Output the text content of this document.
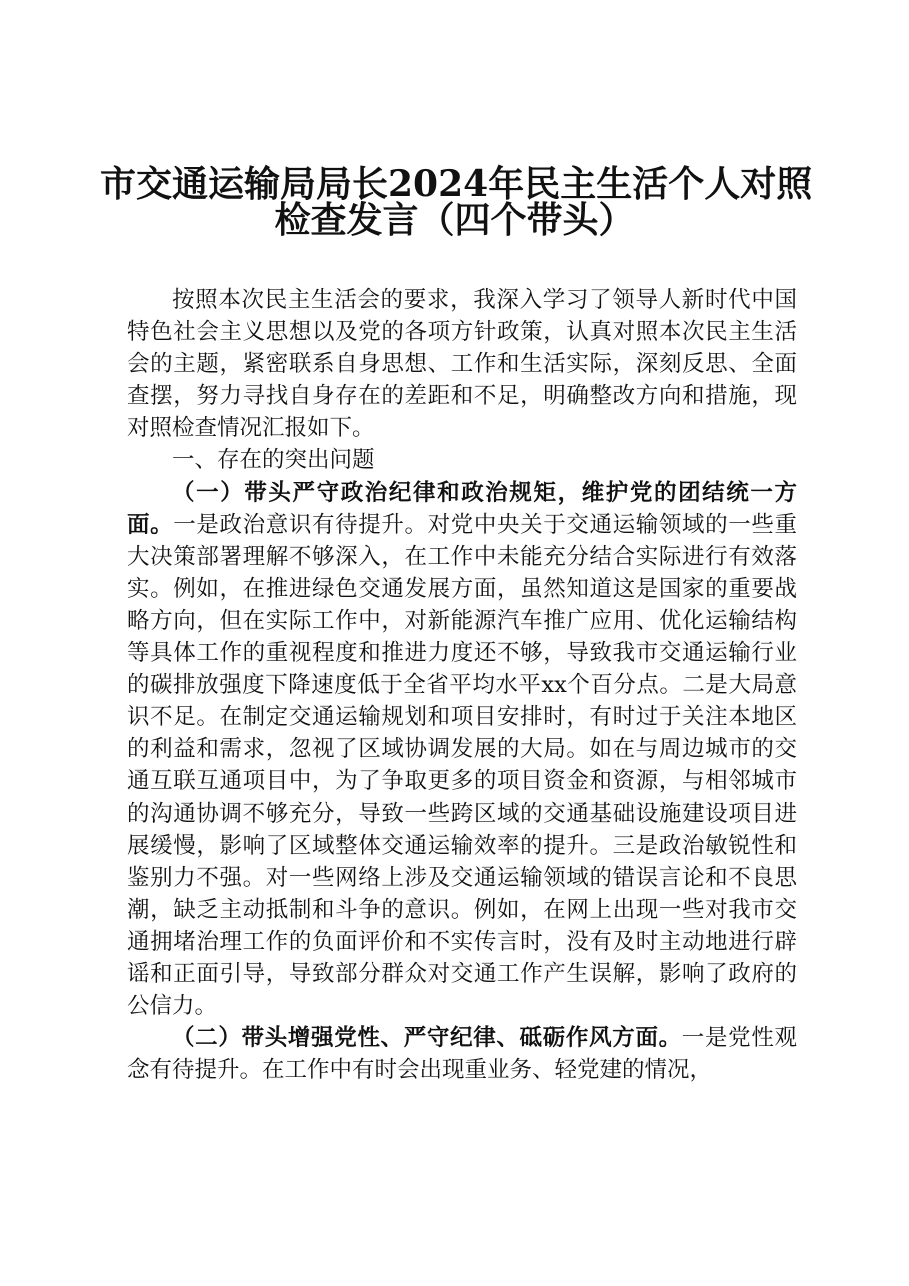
市交通运输局局长2024年民主生活个人对照
检查发言（四个带头）

按照本次民主生活会的要求，我深入学习了领导人新时代中国特色社会主义思想以及党的各项方针政策，认真对照本次民主生活会的主题，紧密联系自身思想、工作和生活实际，深刻反思、全面查摆，努力寻找自身存在的差距和不足，明确整改方向和措施，现对照检查情况汇报如下。

一、存在的突出问题

（一）带头严守政治纪律和政治规矩，维护党的团结统一方面。一是政治意识有待提升。对党中央关于交通运输领域的一些重大决策部署理解不够深入，在工作中未能充分结合实际进行有效落实。例如，在推进绿色交通发展方面，虽然知道这是国家的重要战略方向，但在实际工作中，对新能源汽车推广应用、优化运输结构等具体工作的重视程度和推进力度还不够，导致我市交通运输行业的碳排放强度下降速度低于全省平均水平xx个百分点。二是大局意识不足。在制定交通运输规划和项目安排时，有时过于关注本地区的利益和需求，忽视了区域协调发展的大局。如在与周边城市的交通互联互通项目中，为了争取更多的项目资金和资源，与相邻城市的沟通协调不够充分，导致一些跨区域的交通基础设施建设项目进展缓慢，影响了区域整体交通运输效率的提升。三是政治敏锐性和鉴别力不强。对一些网络上涉及交通运输领域的错误言论和不良思潮，缺乏主动抵制和斗争的意识。例如，在网上出现一些对我市交通拥堵治理工作的负面评价和不实传言时，没有及时主动地进行辟谣和正面引导，导致部分群众对交通工作产生误解，影响了政府的公信力。

（二）带头增强党性、严守纪律、砥砺作风方面。一是党性观念有待提升。在工作中有时会出现重业务、轻党建的情况，
